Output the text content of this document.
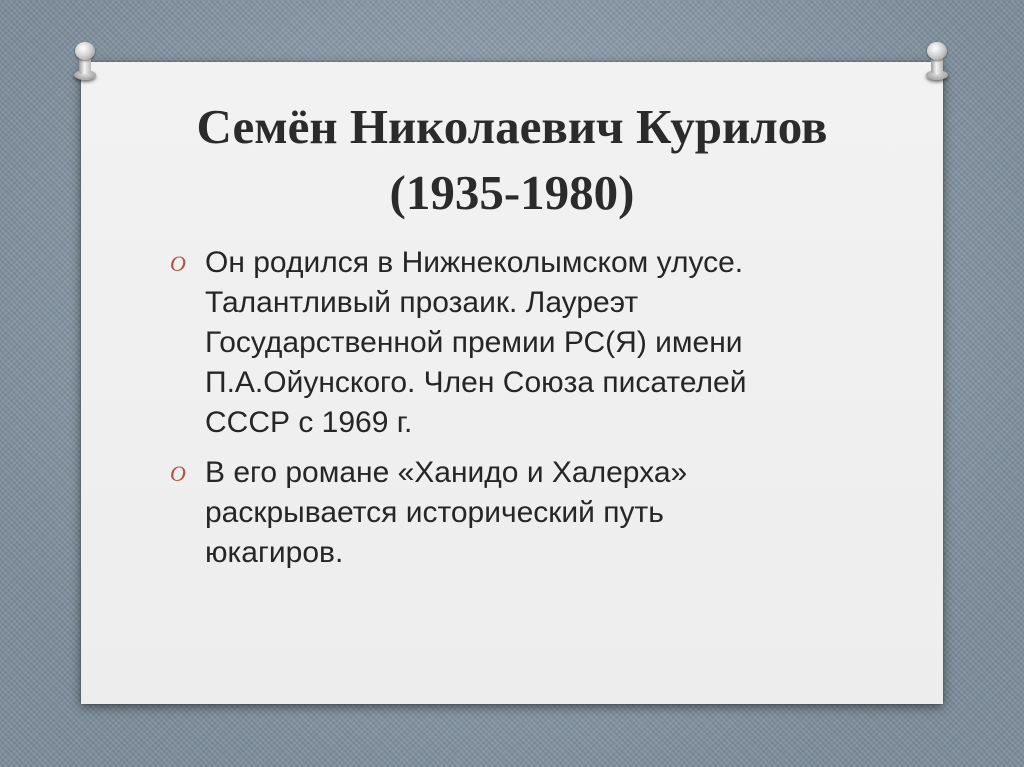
Семён Николаевич Курилов
(1935-1980)
O Он родился в Нижнеколымском улусе.
Талантливый прозаик. Лауреэт
Государственной премии РС(Я) имени
П.А.Ойунского. Член Союза писателей
СССР с 1969 г.
O В его романе «Ханидо и Халерха»
раскрывается исторический путь
юкагиров.
